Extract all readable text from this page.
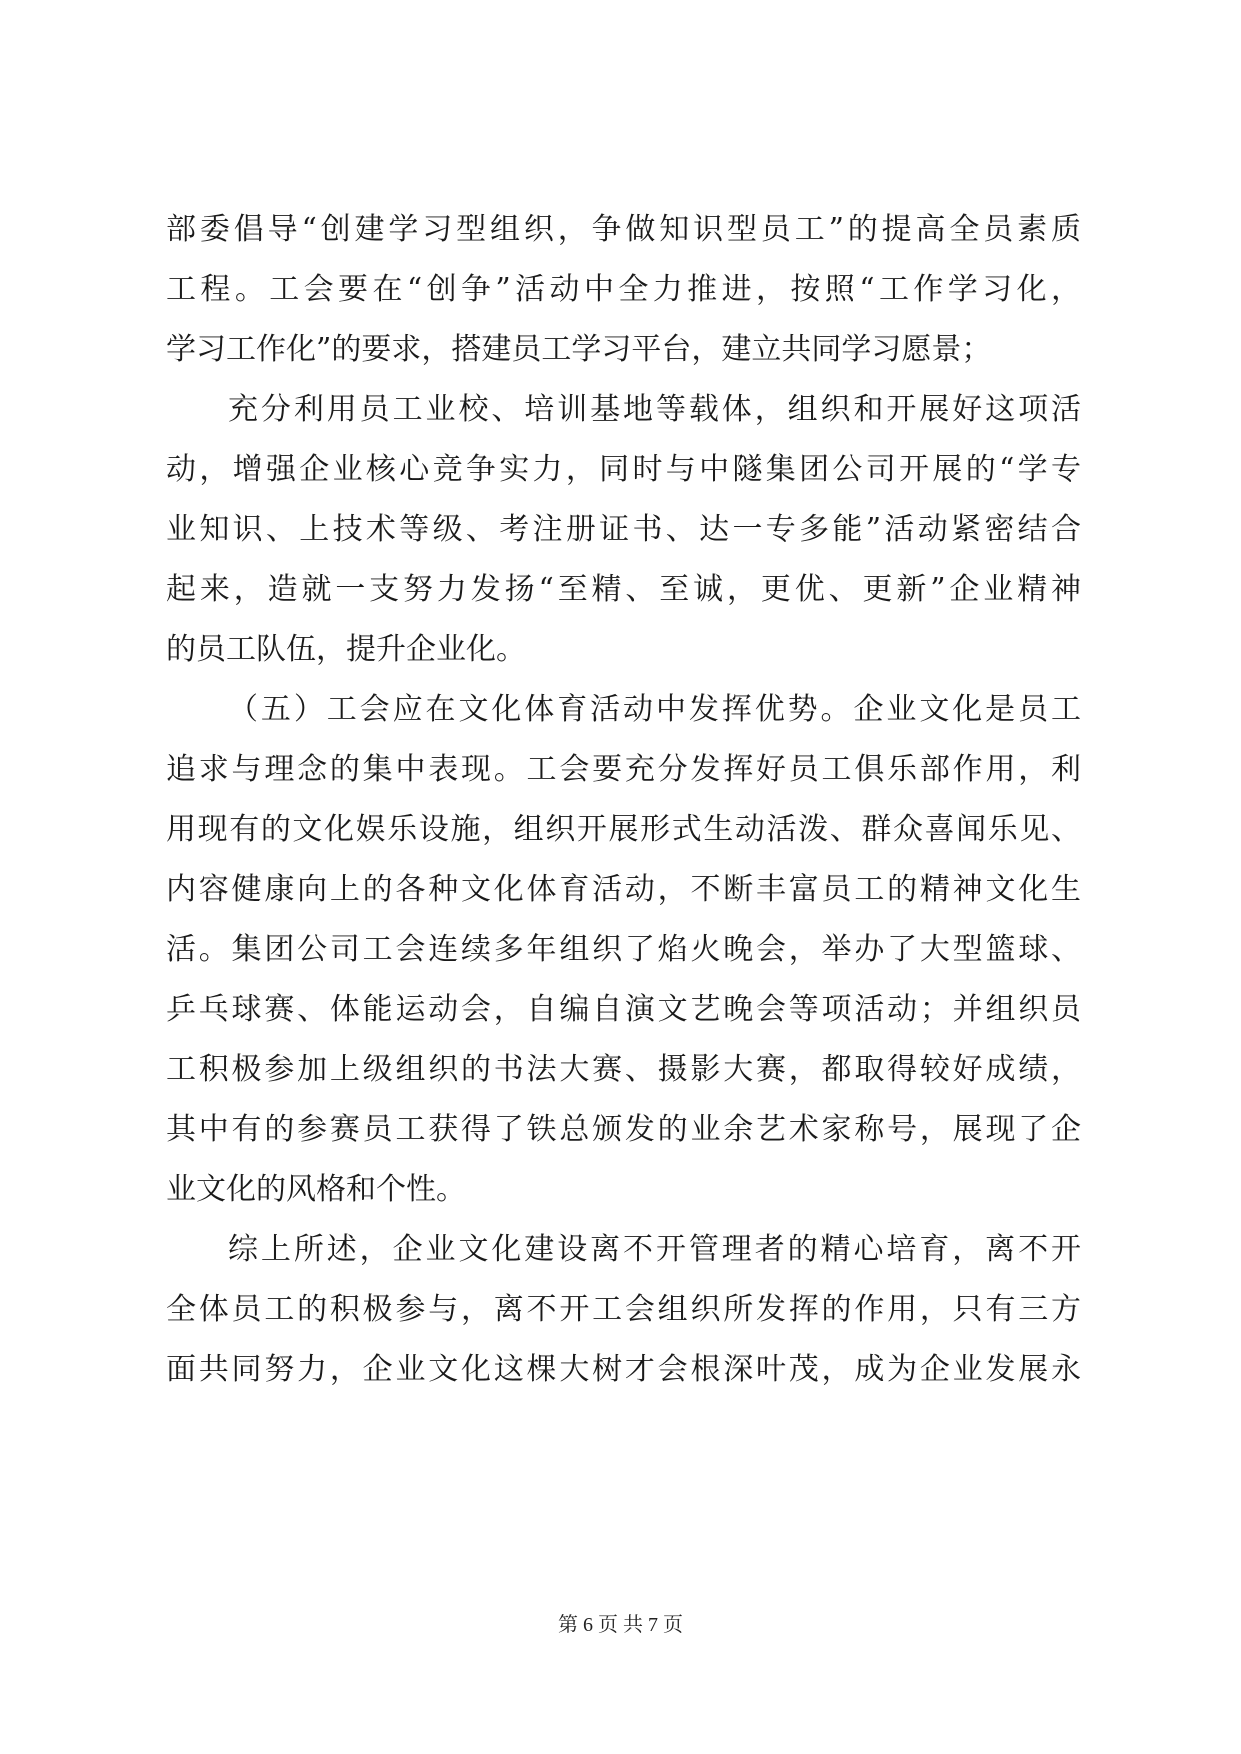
部委倡导“创建学习型组织，争做知识型员工”的提高全员素质
工程。工会要在“创争”活动中全力推进，按照“工作学习化，
学习工作化”的要求，搭建员工学习平台，建立共同学习愿景；
充分利用员工业校、培训基地等载体，组织和开展好这项活
动，增强企业核心竞争实力，同时与中隧集团公司开展的“学专
业知识、上技术等级、考注册证书、达一专多能”活动紧密结合
起来，造就一支努力发扬“至精、至诚，更优、更新”企业精神
的员工队伍，提升企业化。
（五）工会应在文化体育活动中发挥优势。企业文化是员工
追求与理念的集中表现。工会要充分发挥好员工俱乐部作用，利
用现有的文化娱乐设施，组织开展形式生动活泼、群众喜闻乐见、
内容健康向上的各种文化体育活动，不断丰富员工的精神文化生
活。集团公司工会连续多年组织了焰火晚会，举办了大型篮球、
乒乓球赛、体能运动会，自编自演文艺晚会等项活动；并组织员
工积极参加上级组织的书法大赛、摄影大赛，都取得较好成绩，
其中有的参赛员工获得了铁总颁发的业余艺术家称号，展现了企
业文化的风格和个性。
综上所述，企业文化建设离不开管理者的精心培育，离不开
全体员工的积极参与，离不开工会组织所发挥的作用，只有三方
面共同努力，企业文化这棵大树才会根深叶茂，成为企业发展永
第 6 页 共 7 页
